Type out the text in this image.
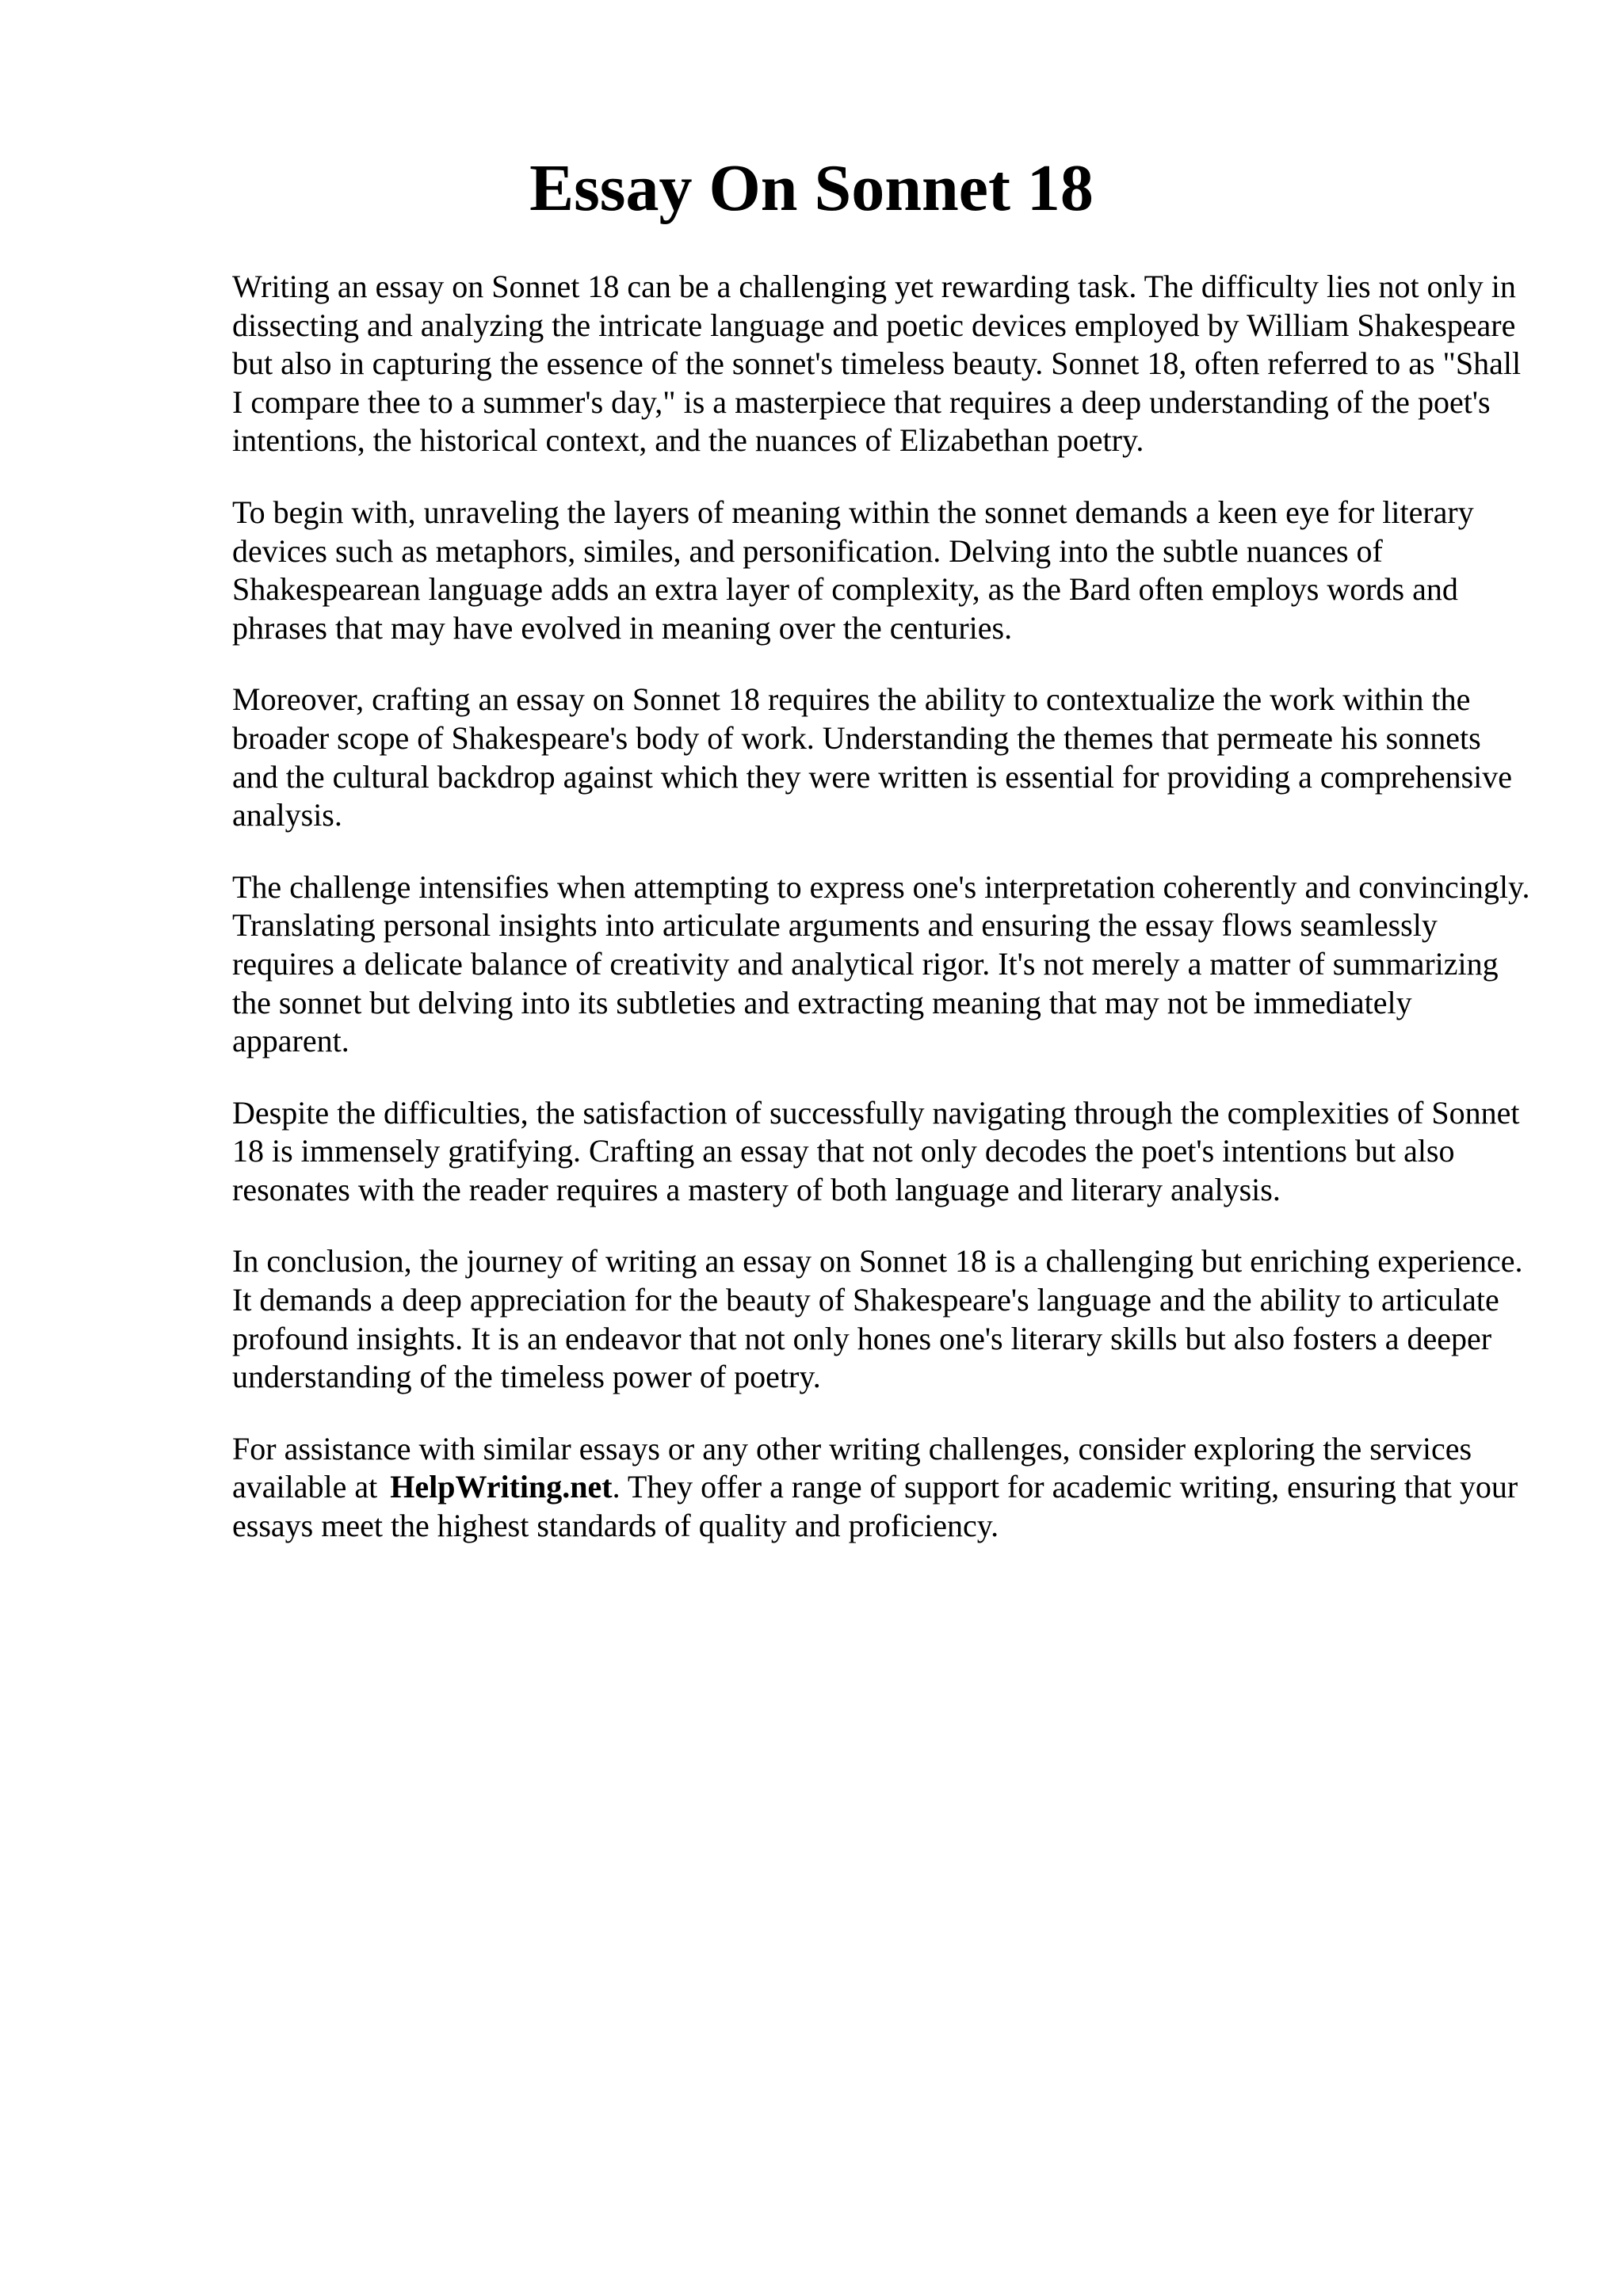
Essay On Sonnet 18

Writing an essay on Sonnet 18 can be a challenging yet rewarding task. The difficulty lies not only in dissecting and analyzing the intricate language and poetic devices employed by William Shakespeare but also in capturing the essence of the sonnet's timeless beauty. Sonnet 18, often referred to as "Shall I compare thee to a summer's day," is a masterpiece that requires a deep understanding of the poet's intentions, the historical context, and the nuances of Elizabethan poetry.

To begin with, unraveling the layers of meaning within the sonnet demands a keen eye for literary devices such as metaphors, similes, and personification. Delving into the subtle nuances of Shakespearean language adds an extra layer of complexity, as the Bard often employs words and phrases that may have evolved in meaning over the centuries.

Moreover, crafting an essay on Sonnet 18 requires the ability to contextualize the work within the broader scope of Shakespeare's body of work. Understanding the themes that permeate his sonnets and the cultural backdrop against which they were written is essential for providing a comprehensive analysis.

The challenge intensifies when attempting to express one's interpretation coherently and convincingly. Translating personal insights into articulate arguments and ensuring the essay flows seamlessly requires a delicate balance of creativity and analytical rigor. It's not merely a matter of summarizing the sonnet but delving into its subtleties and extracting meaning that may not be immediately apparent.

Despite the difficulties, the satisfaction of successfully navigating through the complexities of Sonnet 18 is immensely gratifying. Crafting an essay that not only decodes the poet's intentions but also resonates with the reader requires a mastery of both language and literary analysis.

In conclusion, the journey of writing an essay on Sonnet 18 is a challenging but enriching experience. It demands a deep appreciation for the beauty of Shakespeare's language and the ability to articulate profound insights. It is an endeavor that not only hones one's literary skills but also fosters a deeper understanding of the timeless power of poetry.

For assistance with similar essays or any other writing challenges, consider exploring the services available at HelpWriting.net. They offer a range of support for academic writing, ensuring that your essays meet the highest standards of quality and proficiency.
